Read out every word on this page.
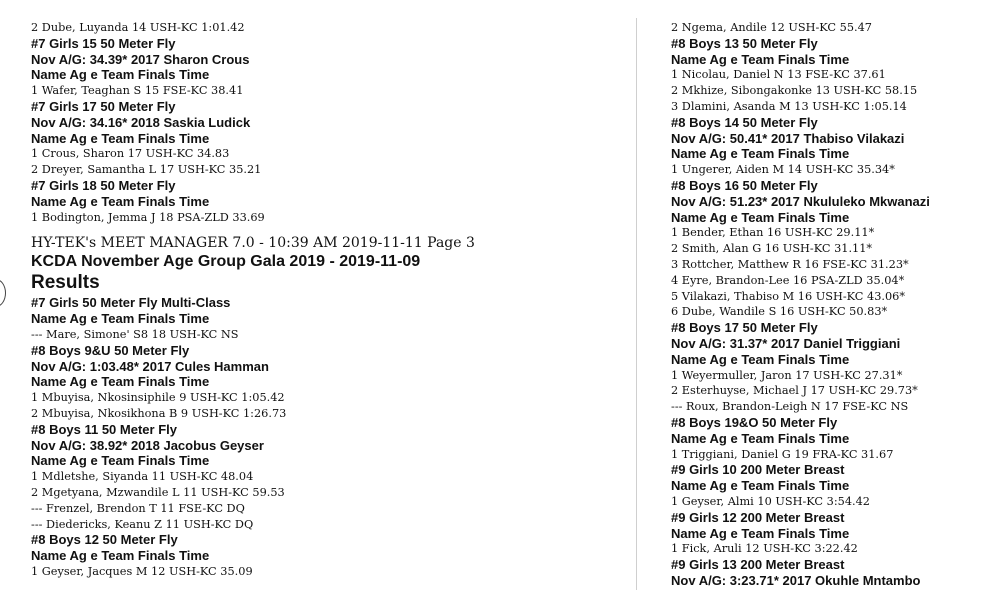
2 Dube, Luyanda 14 USH-KC 1:01.42
#7 Girls 15 50 Meter Fly
Nov A/G: 34.39* 2017 Sharon Crous
Name Ag e Team Finals Time
1 Wafer, Teaghan S 15 FSE-KC 38.41
#7 Girls 17 50 Meter Fly
Nov A/G: 34.16* 2018 Saskia Ludick
Name Ag e Team Finals Time
1 Crous, Sharon 17 USH-KC 34.83
2 Dreyer, Samantha L 17 USH-KC 35.21
#7 Girls 18 50 Meter Fly
Name Ag e Team Finals Time
1 Bodington, Jemma J 18 PSA-ZLD 33.69
HY-TEK's MEET MANAGER 7.0 - 10:39 AM 2019-11-11 Page 3
KCDA November Age Group Gala 2019 - 2019-11-09
Results
#7 Girls 50 Meter Fly Multi-Class
Name Ag e Team Finals Time
--- Mare, Simone' S8 18 USH-KC NS
#8 Boys 9&U 50 Meter Fly
Nov A/G: 1:03.48* 2017 Cules Hamman
Name Ag e Team Finals Time
1 Mbuyisa, Nkosinsiphile 9 USH-KC 1:05.42
2 Mbuyisa, Nkosikhona B 9 USH-KC 1:26.73
#8 Boys 11 50 Meter Fly
Nov A/G: 38.92* 2018 Jacobus Geyser
Name Ag e Team Finals Time
1 Mdletshe, Siyanda 11 USH-KC 48.04
2 Mgetyana, Mzwandile L 11 USH-KC 59.53
--- Frenzel, Brendon T 11 FSE-KC DQ
--- Diedericks, Keanu Z 11 USH-KC DQ
#8 Boys 12 50 Meter Fly
Name Ag e Team Finals Time
1 Geyser, Jacques M 12 USH-KC 35.09
2 Ngema, Andile 12 USH-KC 55.47
#8 Boys 13 50 Meter Fly
Name Ag e Team Finals Time
1 Nicolau, Daniel N 13 FSE-KC 37.61
2 Mkhize, Sibongakonke 13 USH-KC 58.15
3 Dlamini, Asanda M 13 USH-KC 1:05.14
#8 Boys 14 50 Meter Fly
Nov A/G: 50.41* 2017 Thabiso Vilakazi
Name Ag e Team Finals Time
1 Ungerer, Aiden M 14 USH-KC 35.34*
#8 Boys 16 50 Meter Fly
Nov A/G: 51.23* 2017 Nkululeko Mkwanazi
Name Ag e Team Finals Time
1 Bender, Ethan 16 USH-KC 29.11*
2 Smith, Alan G 16 USH-KC 31.11*
3 Rottcher, Matthew R 16 FSE-KC 31.23*
4 Eyre, Brandon-Lee 16 PSA-ZLD 35.04*
5 Vilakazi, Thabiso M 16 USH-KC 43.06*
6 Dube, Wandile S 16 USH-KC 50.83*
#8 Boys 17 50 Meter Fly
Nov A/G: 31.37* 2017 Daniel Triggiani
Name Ag e Team Finals Time
1 Weyermuller, Jaron 17 USH-KC 27.31*
2 Esterhuyse, Michael J 17 USH-KC 29.73*
--- Roux, Brandon-Leigh N 17 FSE-KC NS
#8 Boys 19&O 50 Meter Fly
Name Ag e Team Finals Time
1 Triggiani, Daniel G 19 FRA-KC 31.67
#9 Girls 10 200 Meter Breast
Name Ag e Team Finals Time
1 Geyser, Almi 10 USH-KC 3:54.42
#9 Girls 12 200 Meter Breast
Name Ag e Team Finals Time
1 Fick, Aruli 12 USH-KC 3:22.42
#9 Girls 13 200 Meter Breast
Nov A/G: 3:23.71* 2017 Okuhle Mntambo
